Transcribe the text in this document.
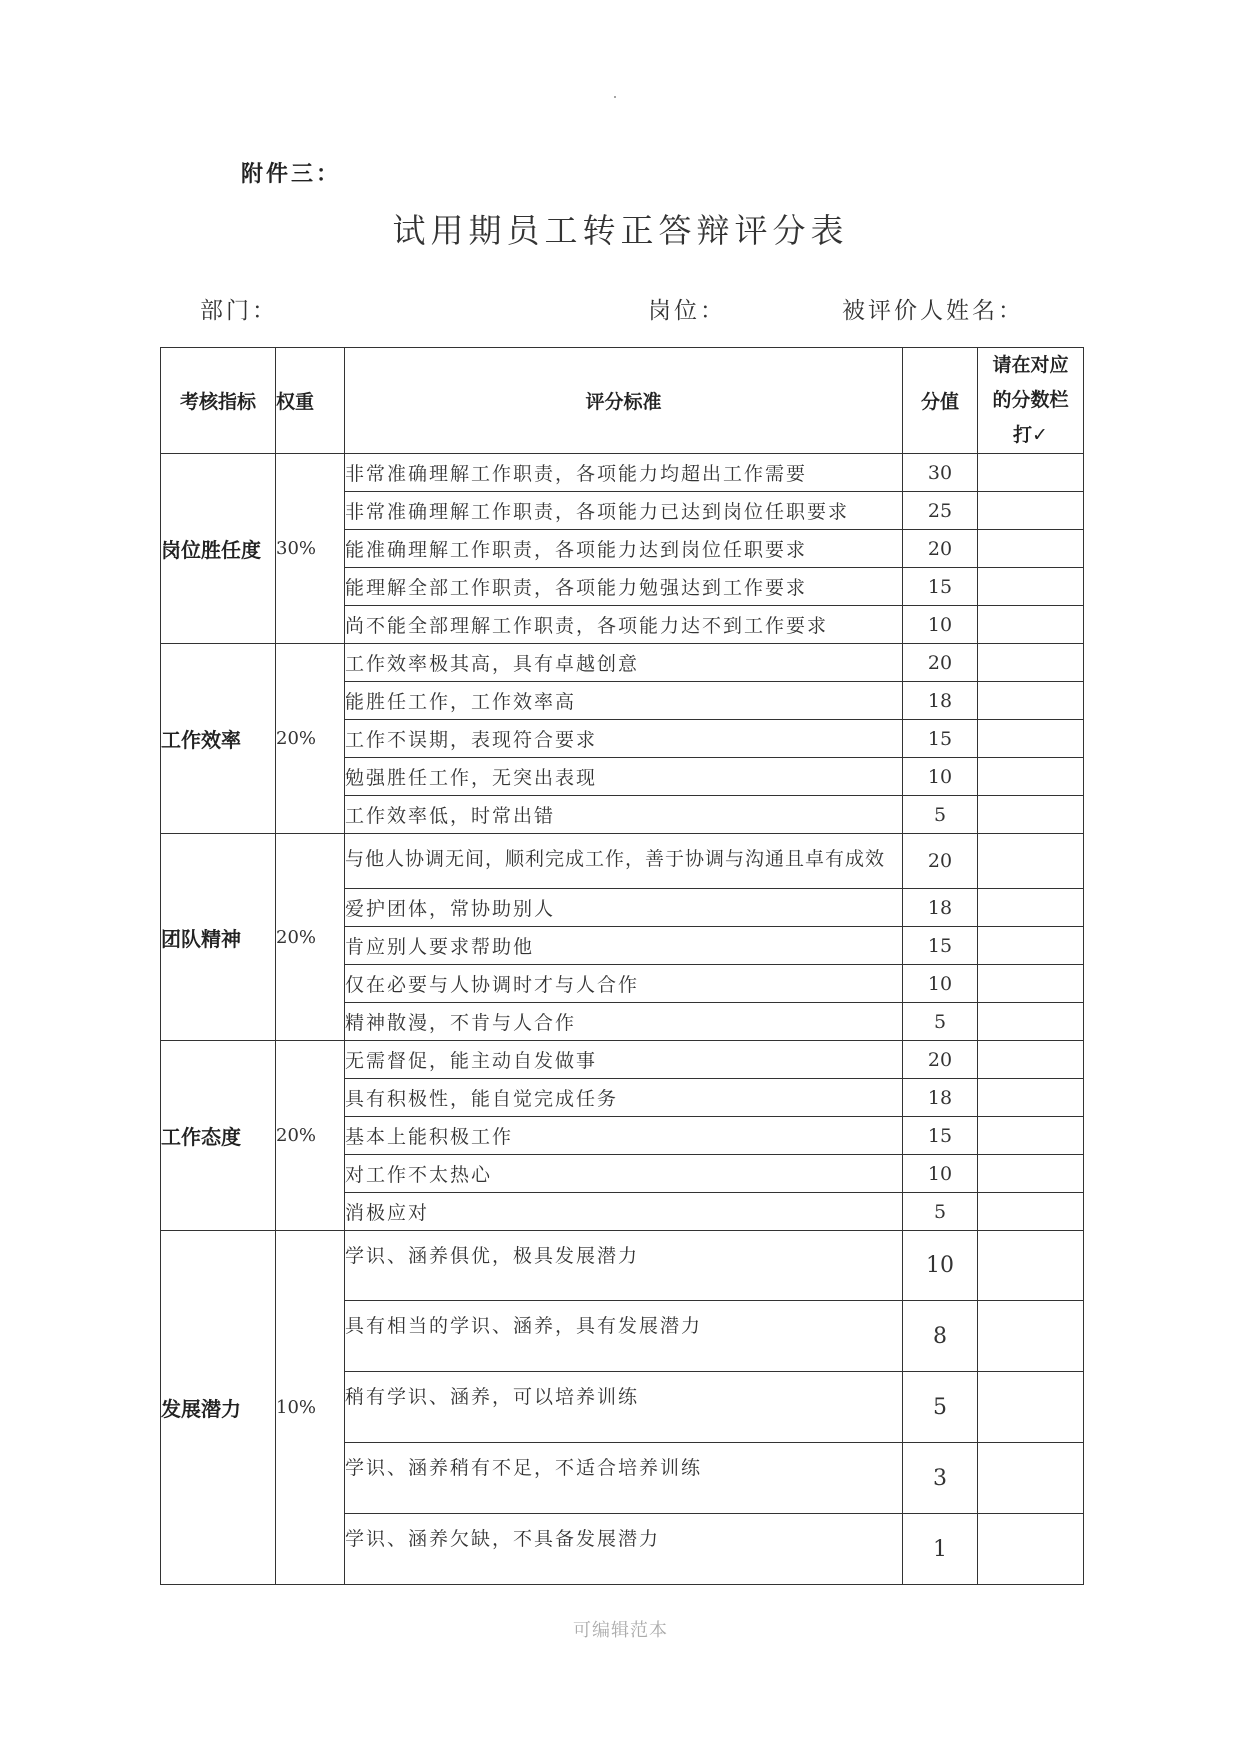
附件三：
试用期员工转正答辩评分表
部门：	岗位：	被评价人姓名：
考核指标	权重	评分标准	分值	请在对应
的分数栏
打✓

岗位胜任度	30%	非常准确理解工作职责，各项能力均超出工作需要	30	
		非常准确理解工作职责，各项能力已达到岗位任职要求	25	
		能准确理解工作职责，各项能力达到岗位任职要求	20	
		能理解全部工作职责，各项能力勉强达到工作要求	15	
		尚不能全部理解工作职责，各项能力达不到工作要求	10	
工作效率	20%	工作效率极其高，具有卓越创意	20	
		能胜任工作，工作效率高	18	
		工作不误期，表现符合要求	15	
		勉强胜任工作，无突出表现	10	
		工作效率低，时常出错	5	
团队精神	20%	与他人协调无间，顺利完成工作，善于协调与沟通且卓有成效	20	
		爱护团体，常协助别人	18	
		肯应别人要求帮助他	15	
		仅在必要与人协调时才与人合作	10	
		精神散漫，不肯与人合作	5	
工作态度	20%	无需督促，能主动自发做事	20	
		具有积极性，能自觉完成任务	18	
		基本上能积极工作	15	
		对工作不太热心	10	
		消极应对	5	
发展潜力	10%	学识、涵养俱优，极具发展潜力	10	
		具有相当的学识、涵养，具有发展潜力	8	
		稍有学识、涵养，可以培养训练	5	
		学识、涵养稍有不足，不适合培养训练	3	
		学识、涵养欠缺，不具备发展潜力	1	
可编辑范本
